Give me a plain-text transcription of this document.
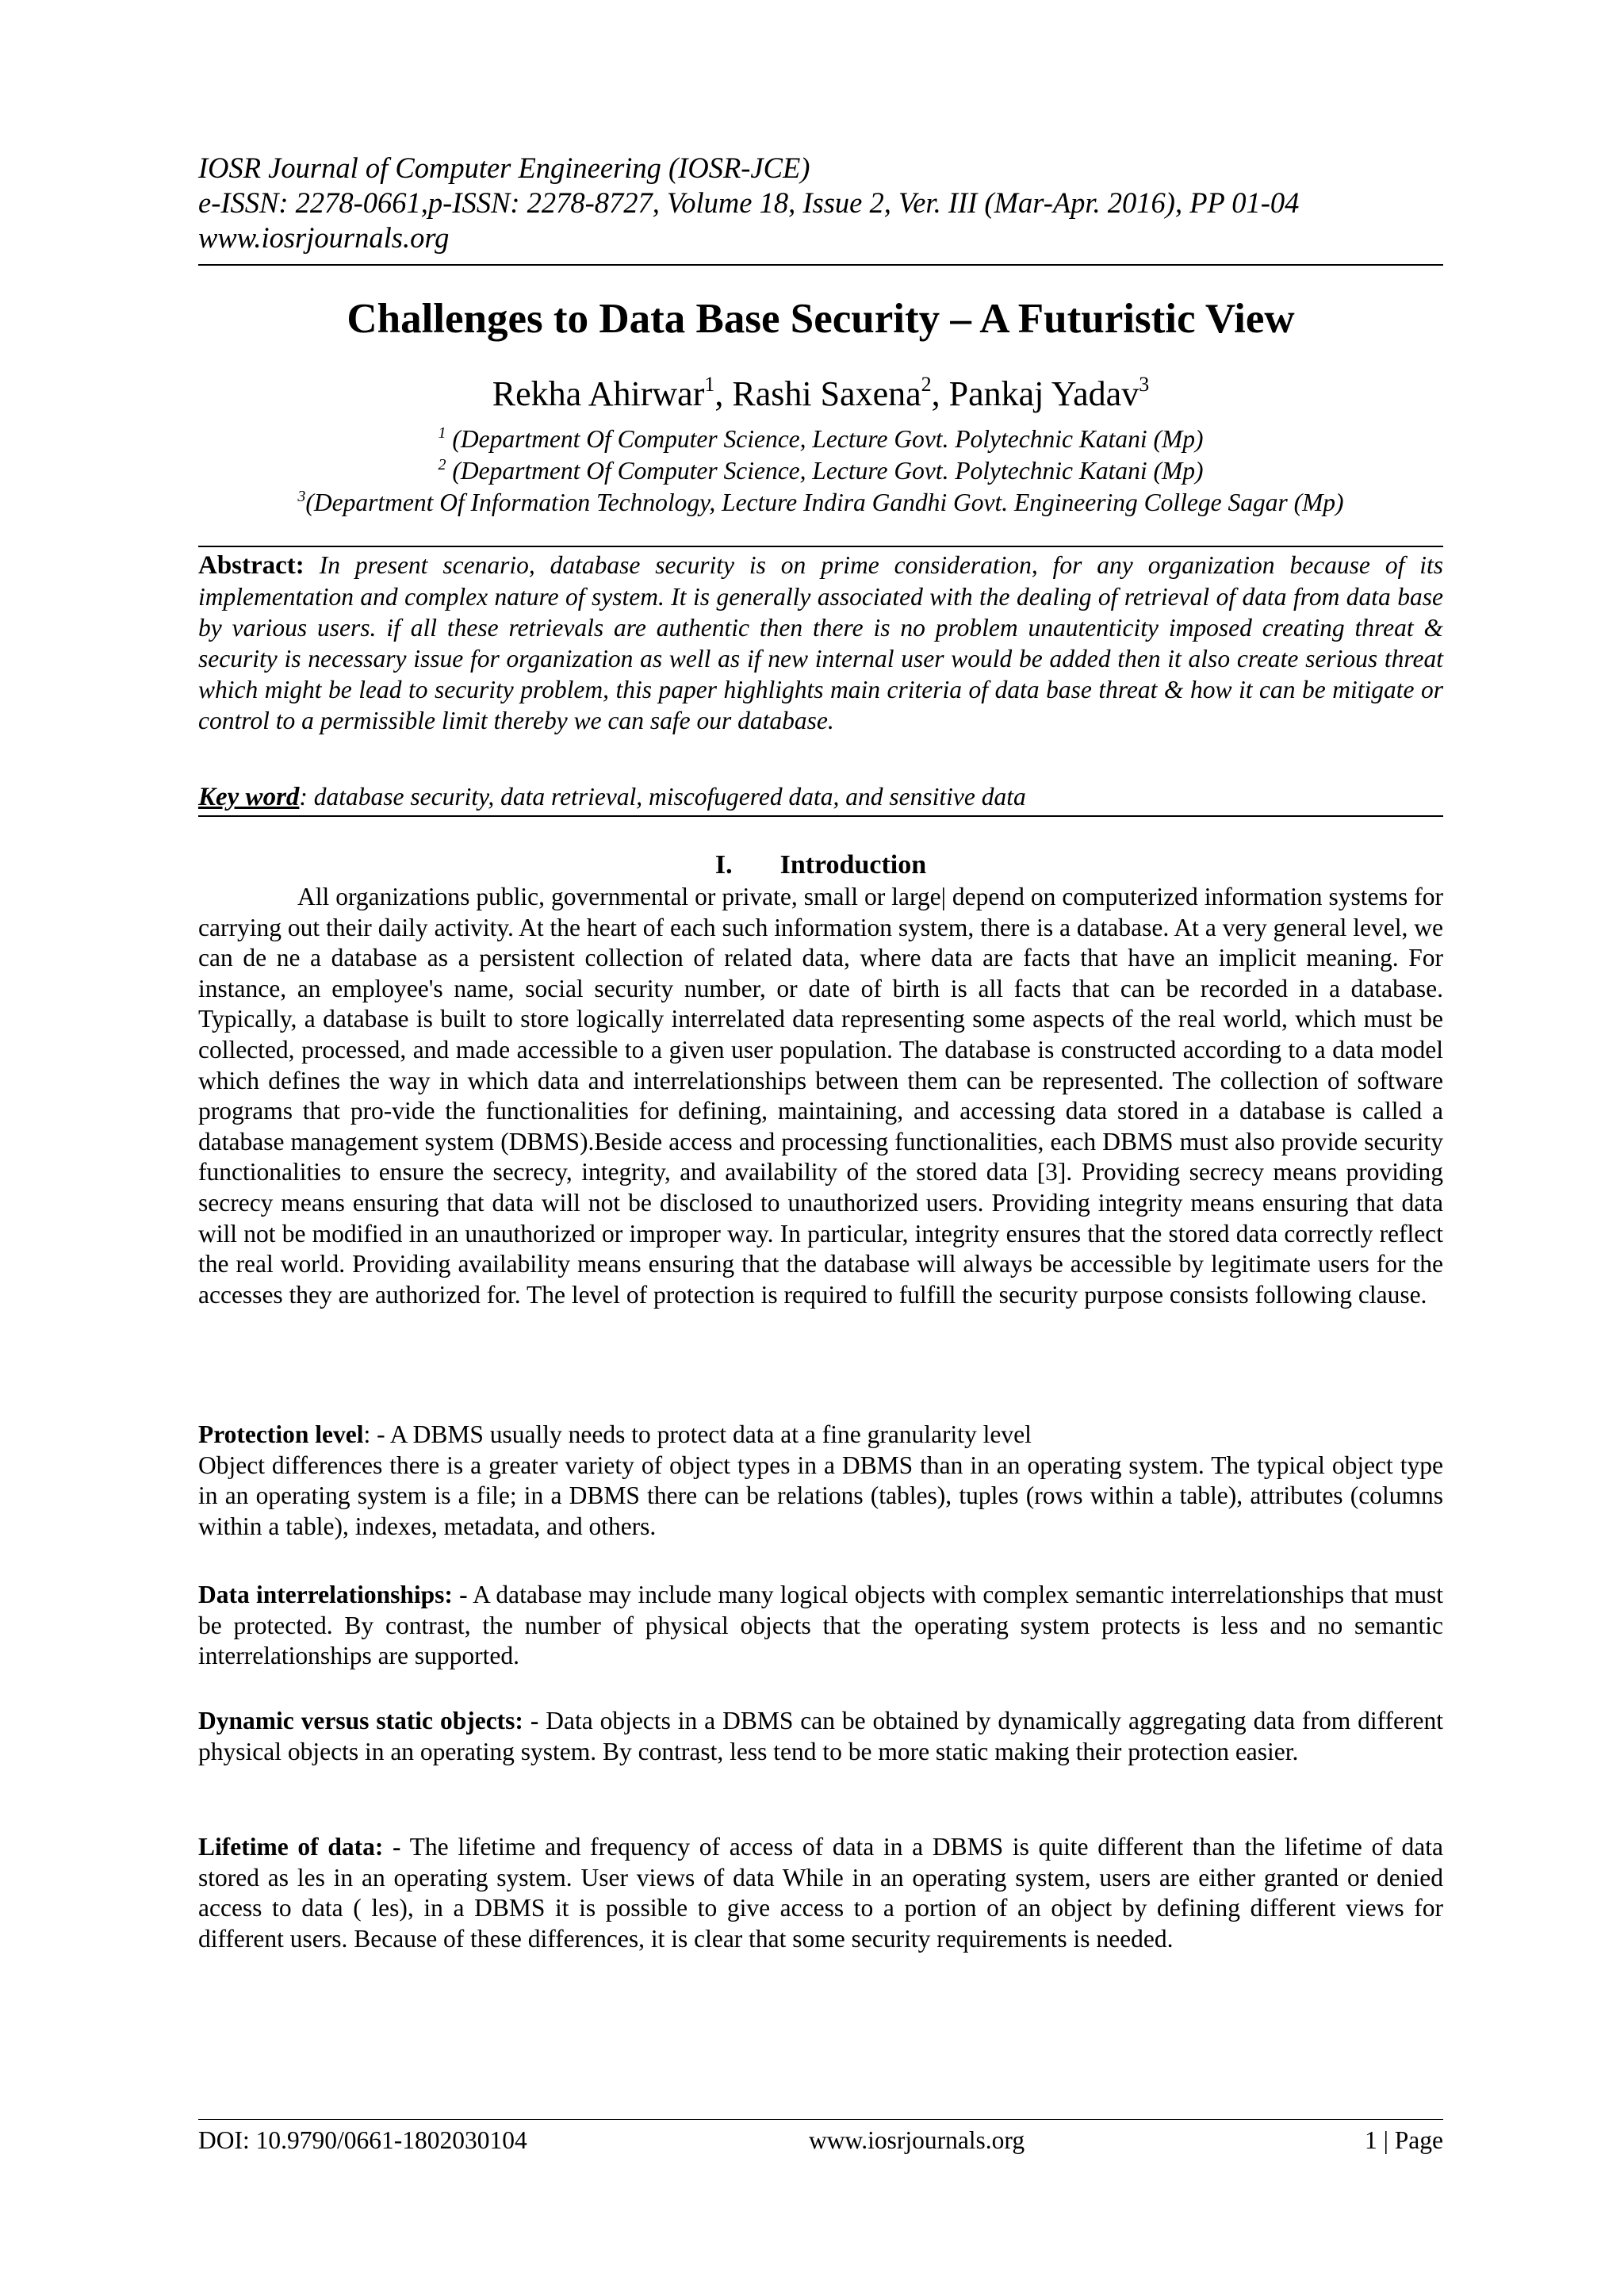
IOSR Journal of Computer Engineering (IOSR-JCE)
e-ISSN: 2278-0661,p-ISSN: 2278-8727, Volume 18, Issue 2, Ver. III (Mar-Apr. 2016), PP 01-04
www.iosrjournals.org
Challenges to Data Base Security – A Futuristic View
Rekha Ahirwar$^1$, Rashi Saxena$^2$, Pankaj Yadav$^3$
$^1$ (Department Of Computer Science, Lecture Govt. Polytechnic Katani (Mp)
$^2$ (Department Of Computer Science, Lecture Govt. Polytechnic Katani (Mp)
$^3$(Department Of Information Technology, Lecture Indira Gandhi Govt. Engineering College Sagar (Mp)
Abstract: In present scenario, database security is on prime consideration, for any organization because of its implementation and complex nature of system. It is generally associated with the dealing of retrieval of data from data base by various users. if all these retrievals are authentic then there is no problem unautenticity imposed creating threat & security is necessary issue for organization as well as if new internal user would be added then it also create serious threat which might be lead to security problem, this paper highlights main criteria of data base threat & how it can be mitigate or control to a permissible limit thereby we can safe our database.
Key word: database security, data retrieval, miscofugered data, and sensitive data
I. Introduction
All organizations public, governmental or private, small or large| depend on computerized information systems for carrying out their daily activity. At the heart of each such information system, there is a database. At a very general level, we can de ne a database as a persistent collection of related data, where data are facts that have an implicit meaning. For instance, an employee's name, social security number, or date of birth is all facts that can be recorded in a database. Typically, a database is built to store logically interrelated data representing some aspects of the real world, which must be collected, processed, and made accessible to a given user population. The database is constructed according to a data model which defines the way in which data and interrelationships between them can be represented. The collection of software programs that pro-vide the functionalities for defining, maintaining, and accessing data stored in a database is called a database management system (DBMS).Beside access and processing functionalities, each DBMS must also provide security functionalities to ensure the secrecy, integrity, and availability of the stored data [3]. Providing secrecy means providing secrecy means ensuring that data will not be disclosed to unauthorized users. Providing integrity means ensuring that data will not be modified in an unauthorized or improper way. In particular, integrity ensures that the stored data correctly reflect the real world. Providing availability means ensuring that the database will always be accessible by legitimate users for the accesses they are authorized for. The level of protection is required to fulfill the security purpose consists following clause.
Protection level: - A DBMS usually needs to protect data at a fine granularity level
Object differences there is a greater variety of object types in a DBMS than in an operating system. The typical object type in an operating system is a file; in a DBMS there can be relations (tables), tuples (rows within a table), attributes (columns within a table), indexes, metadata, and others.
Data interrelationships: - A database may include many logical objects with complex semantic interrelationships that must be protected. By contrast, the number of physical objects that the operating system protects is less and no semantic interrelationships are supported.
Dynamic versus static objects: - Data objects in a DBMS can be obtained by dynamically aggregating data from different physical objects in an operating system. By contrast, less tend to be more static making their protection easier.
Lifetime of data: - The lifetime and frequency of access of data in a DBMS is quite different than the lifetime of data stored as les in an operating system. User views of data While in an operating system, users are either granted or denied access to data ( les), in a DBMS it is possible to give access to a portion of an object by defining different views for different users. Because of these differences, it is clear that some security requirements is needed.
DOI: 10.9790/0661-1802030104	www.iosrjournals.org	1 | Page
